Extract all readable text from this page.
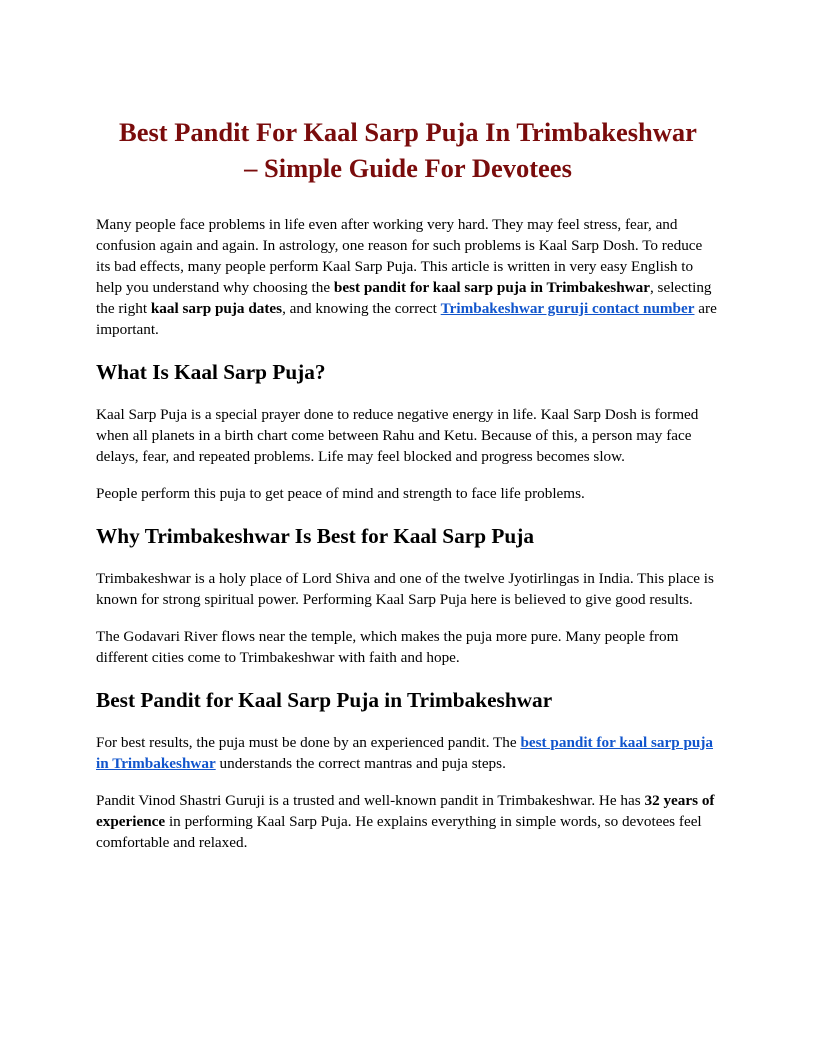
Best Pandit For Kaal Sarp Puja In Trimbakeshwar
– Simple Guide For Devotees

Many people face problems in life even after working very hard. They may feel stress, fear, and confusion again and again. In astrology, one reason for such problems is Kaal Sarp Dosh. To reduce its bad effects, many people perform Kaal Sarp Puja. This article is written in very easy English to help you understand why choosing the best pandit for kaal sarp puja in Trimbakeshwar, selecting the right kaal sarp puja dates, and knowing the correct Trimbakeshwar guruji contact number are important.

What Is Kaal Sarp Puja?

Kaal Sarp Puja is a special prayer done to reduce negative energy in life. Kaal Sarp Dosh is formed when all planets in a birth chart come between Rahu and Ketu. Because of this, a person may face delays, fear, and repeated problems. Life may feel blocked and progress becomes slow.

People perform this puja to get peace of mind and strength to face life problems.

Why Trimbakeshwar Is Best for Kaal Sarp Puja

Trimbakeshwar is a holy place of Lord Shiva and one of the twelve Jyotirlingas in India. This place is known for strong spiritual power. Performing Kaal Sarp Puja here is believed to give good results.

The Godavari River flows near the temple, which makes the puja more pure. Many people from different cities come to Trimbakeshwar with faith and hope.

Best Pandit for Kaal Sarp Puja in Trimbakeshwar

For best results, the puja must be done by an experienced pandit. The best pandit for kaal sarp puja in Trimbakeshwar understands the correct mantras and puja steps.

Pandit Vinod Shastri Guruji is a trusted and well-known pandit in Trimbakeshwar. He has 32 years of experience in performing Kaal Sarp Puja. He explains everything in simple words, so devotees feel comfortable and relaxed.
